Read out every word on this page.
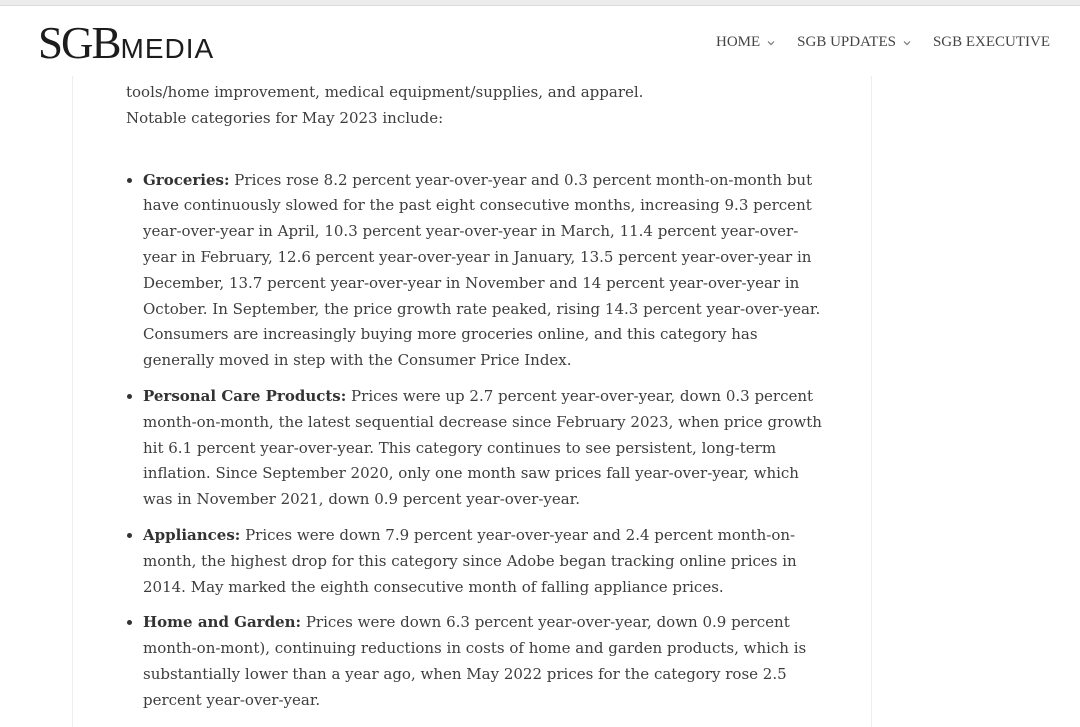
SGB MEDIA	HOME SGB UPDATES SGB EXECUTIVE

tools/home improvement, medical equipment/supplies, and apparel.

Notable categories for May 2023 include:

Groceries: Prices rose 8.2 percent year-over-year and 0.3 percent month-on-month but have continuously slowed for the past eight consecutive months, increasing 9.3 percent year-over-year in April, 10.3 percent year-over-year in March, 11.4 percent year-over-year in February, 12.6 percent year-over-year in January, 13.5 percent year-over-year in December, 13.7 percent year-over-year in November and 14 percent year-over-year in October. In September, the price growth rate peaked, rising 14.3 percent year-over-year. Consumers are increasingly buying more groceries online, and this category has generally moved in step with the Consumer Price Index.
Personal Care Products: Prices were up 2.7 percent year-over-year, down 0.3 percent month-on-month, the latest sequential decrease since February 2023, when price growth hit 6.1 percent year-over-year. This category continues to see persistent, long-term inflation. Since September 2020, only one month saw prices fall year-over-year, which was in November 2021, down 0.9 percent year-over-year.
Appliances: Prices were down 7.9 percent year-over-year and 2.4 percent month-on-month, the highest drop for this category since Adobe began tracking online prices in 2014. May marked the eighth consecutive month of falling appliance prices.
Home and Garden: Prices were down 6.3 percent year-over-year, down 0.9 percent month-on-mont), continuing reductions in costs of home and garden products, which is substantially lower than a year ago, when May 2022 prices for the category rose 2.5 percent year-over-year.
